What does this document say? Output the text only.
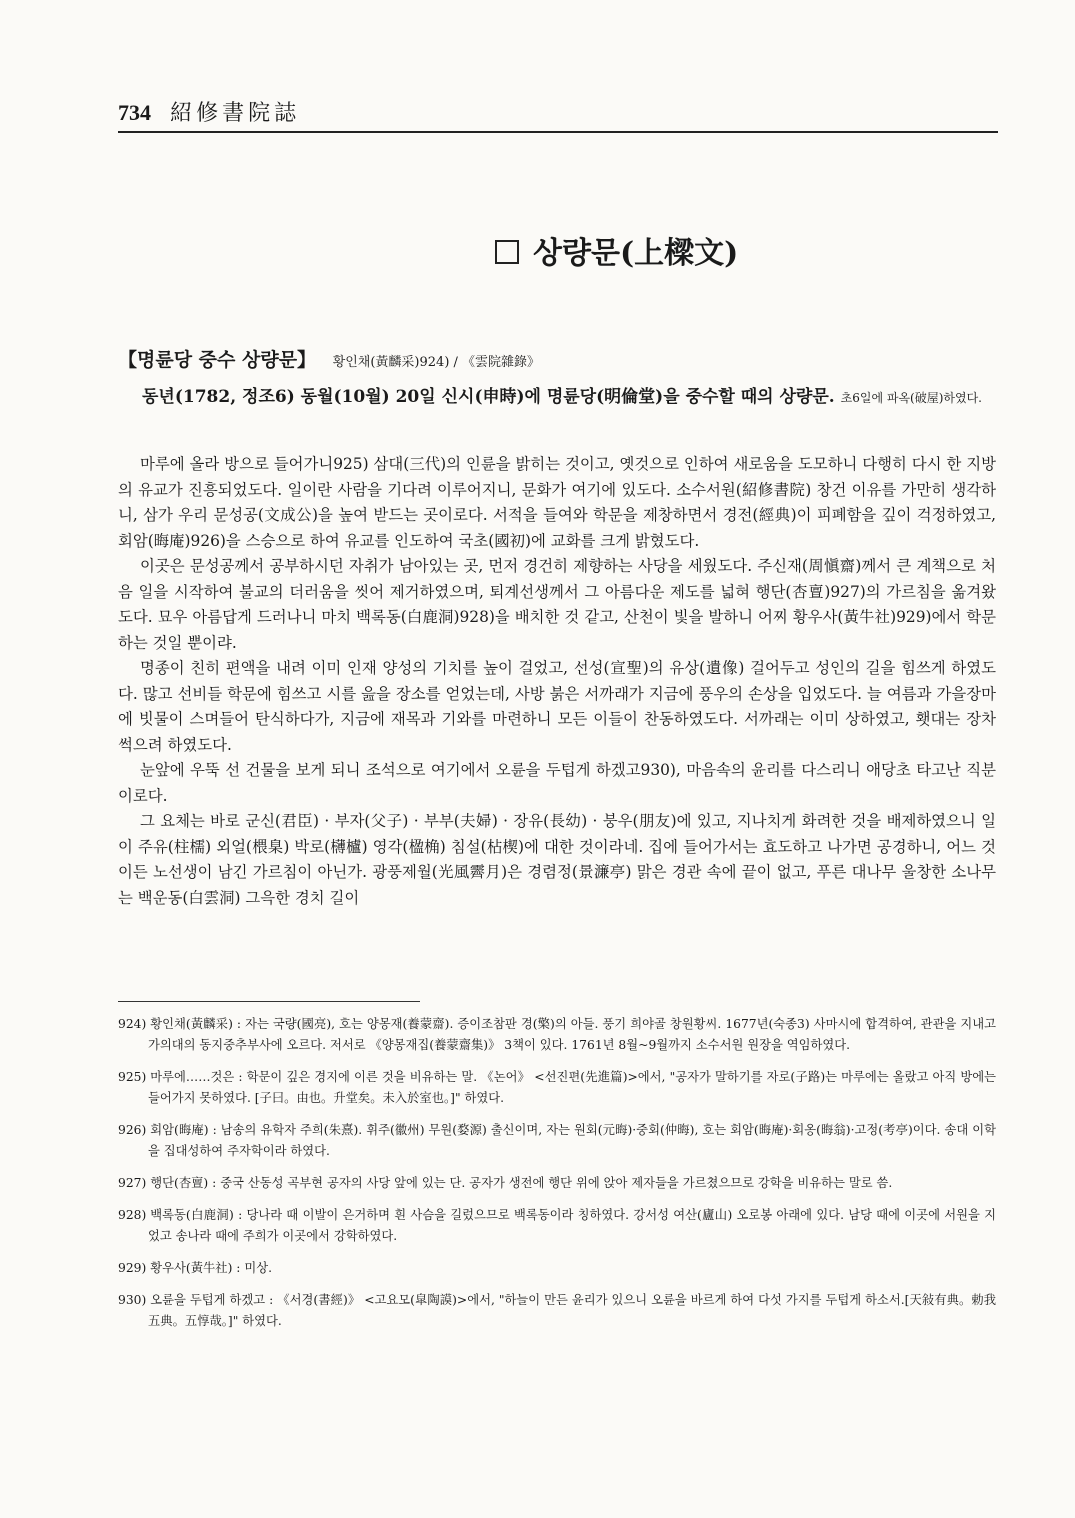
734 紹修書院誌
상량문(上樑文)
【명륜당 중수 상량문】 황인채(黃麟采)924) / 《雲院雜錄》
동년(1782, 정조6) 동월(10월) 20일 신시(申時)에 명륜당(明倫堂)을 중수할 때의 상량문. 초6일에 파옥(破屋)하였다.

마루에 올라 방으로 들어가니925) 삼대(三代)의 인륜을 밝히는 것이고, 옛것으로 인하여 새로움을 도모하니 다행히 다시 한 지방의 유교가 진흥되었도다. 일이란 사람을 기다려 이루어지니, 문화가 여기에 있도다. 소수서원(紹修書院) 창건 이유를 가만히 생각하니, 삼가 우리 문성공(文成公)을 높여 받드는 곳이로다. 서적을 들여와 학문을 제창하면서 경전(經典)이 피폐함을 깊이 걱정하였고, 회암(晦庵)926)을 스승으로 하여 유교를 인도하여 국초(國初)에 교화를 크게 밝혔도다.

이곳은 문성공께서 공부하시던 자취가 남아있는 곳, 먼저 경건히 제향하는 사당을 세웠도다. 주신재(周愼齋)께서 큰 계책으로 처음 일을 시작하여 불교의 더러움을 씻어 제거하였으며, 퇴계선생께서 그 아름다운 제도를 넓혀 행단(杏亶)927)의 가르침을 옮겨왔도다. 묘우 아름답게 드러나니 마치 백록동(白鹿洞)928)을 배치한 것 같고, 산천이 빛을 발하니 어찌 황우사(黃牛社)929)에서 학문하는 것일 뿐이랴.

명종이 친히 편액을 내려 이미 인재 양성의 기치를 높이 걸었고, 선성(宣聖)의 유상(遺像) 걸어두고 성인의 길을 힘쓰게 하였도다. 많고 선비들 학문에 힘쓰고 시를 읊을 장소를 얻었는데, 사방 붉은 서까래가 지금에 풍우의 손상을 입었도다. 늘 여름과 가을장마에 빗물이 스며들어 탄식하다가, 지금에 재목과 기와를 마련하니 모든 이들이 찬동하였도다. 서까래는 이미 상하였고, 횃대는 장차 썩으려 하였도다.

눈앞에 우뚝 선 건물을 보게 되니 조석으로 여기에서 오륜을 두텁게 하겠고930), 마음속의 윤리를 다스리니 애당초 타고난 직분이로다.

그 요체는 바로 군신(君臣) · 부자(父子) · 부부(夫婦) · 장유(長幼) · 붕우(朋友)에 있고, 지나치게 화려한 것을 배제하였으니 일이 주유(柱檽) 외얼(椳臬) 박로(欂櫨) 영각(楹桷) 침설(枮楔)에 대한 것이라네. 집에 들어가서는 효도하고 나가면 공경하니, 어느 것이든 노선생이 남긴 가르침이 아닌가. 광풍제월(光風霽月)은 경렴정(景濂亭) 맑은 경관 속에 끝이 없고, 푸른 대나무 울창한 소나무는 백운동(白雲洞) 그윽한 경치 길이

924) 황인채(黃麟采) : 자는 국량(國亮), 호는 양몽재(養蒙齋). 증이조참판 경(檠)의 아들. 풍기 희야골 창원황씨. 1677년(숙종3) 사마시에 합격하여, 관관을 지내고 가의대의 동지중추부사에 오르다. 저서로 《양몽재집(養蒙齋集)》 3책이 있다. 1761년 8월~9월까지 소수서원 원장을 역임하였다.

925) 마루에……것은 : 학문이 깊은 경지에 이른 것을 비유하는 말. 《논어》 <선진편(先進篇)>에서, "공자가 말하기를 자로(子路)는 마루에는 올랐고 아직 방에는 들어가지 못하였다. [子曰。由也。升堂矣。未入於室也。]" 하였다.

926) 회암(晦庵) : 남송의 유학자 주희(朱熹). 휘주(徽州) 무원(婺源) 출신이며, 자는 원회(元晦)·중회(仲晦), 호는 회암(晦庵)·회옹(晦翁)·고정(考亭)이다. 송대 이학을 집대성하여 주자학이라 하였다.

927) 행단(杏亶) : 중국 산동성 곡부현 공자의 사당 앞에 있는 단. 공자가 생전에 행단 위에 앉아 제자들을 가르쳤으므로 강학을 비유하는 말로 씀.

928) 백록동(白鹿洞) : 당나라 때 이발이 은거하며 흰 사슴을 길렀으므로 백록동이라 칭하였다. 강서성 여산(廬山) 오로봉 아래에 있다. 남당 때에 이곳에 서원을 지었고 송나라 때에 주희가 이곳에서 강학하였다.

929) 황우사(黃牛社) : 미상.

930) 오륜을 두텁게 하겠고 : 《서경(書經)》 <고요모(皐陶謨)>에서, "하늘이 만든 윤리가 있으니 오륜을 바르게 하여 다섯 가지를 두텁게 하소서.[天敍有典。勅我五典。五惇哉。]" 하였다.
